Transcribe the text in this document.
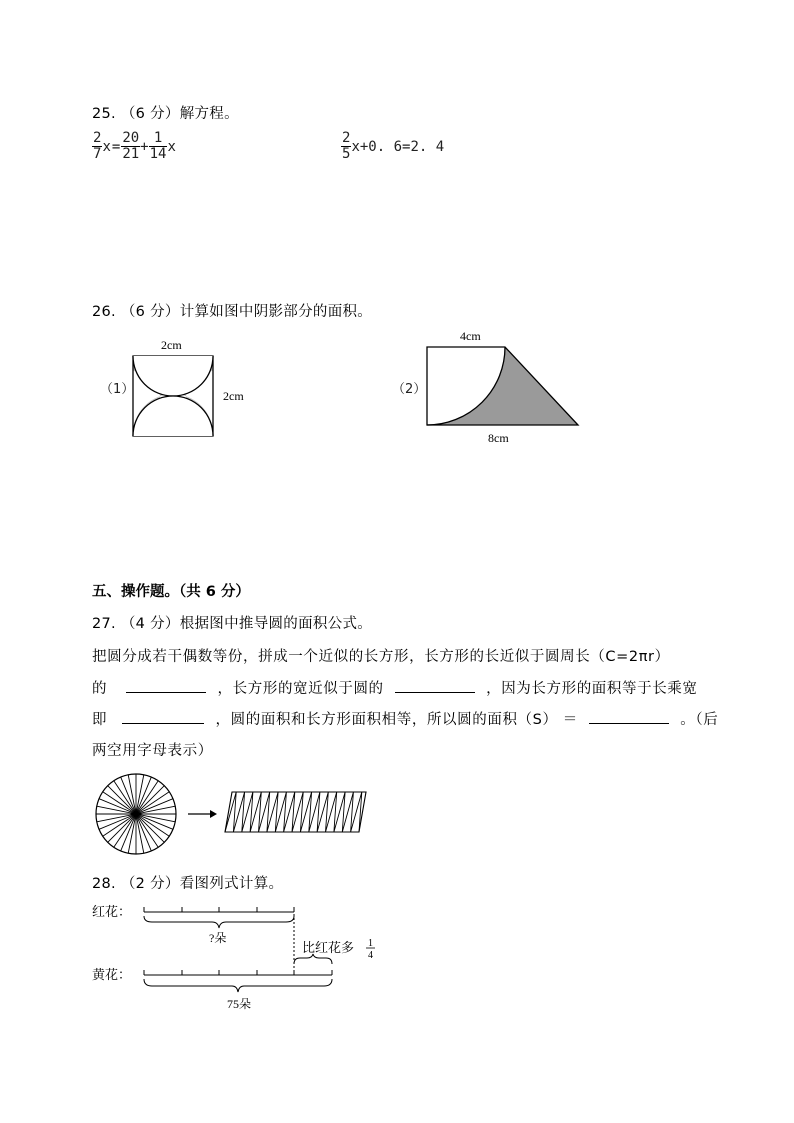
25. （6 分）解方程。
$\frac{2}{7}$ $x = \frac{20}{21} + \frac{1}{14}$ x	$\frac{2}{5} x+0$. 6=2. 4
26. （6 分）计算如图中阴影部分的面积。
（1）
2cm
2cm	（2）
4cm
8cm
五、操作题。（共 6 分）
27. （4 分）根据图中推导圆的面积公式。
把圆分成若干偶数等份，拼成一个近似的长方形，长方形的长近似于圆周长（C=2πr）
的	，长方形的宽近似于圆的	，因为长方形的面积等于长乘宽
即	，圆的面积和长方形面积相等，所以圆的面积（S） ＝	。（后
两空用字母表示）
28. （2 分）看图列式计算。
红花：
?朵
比红花多 1
4
黄花：
75朵
